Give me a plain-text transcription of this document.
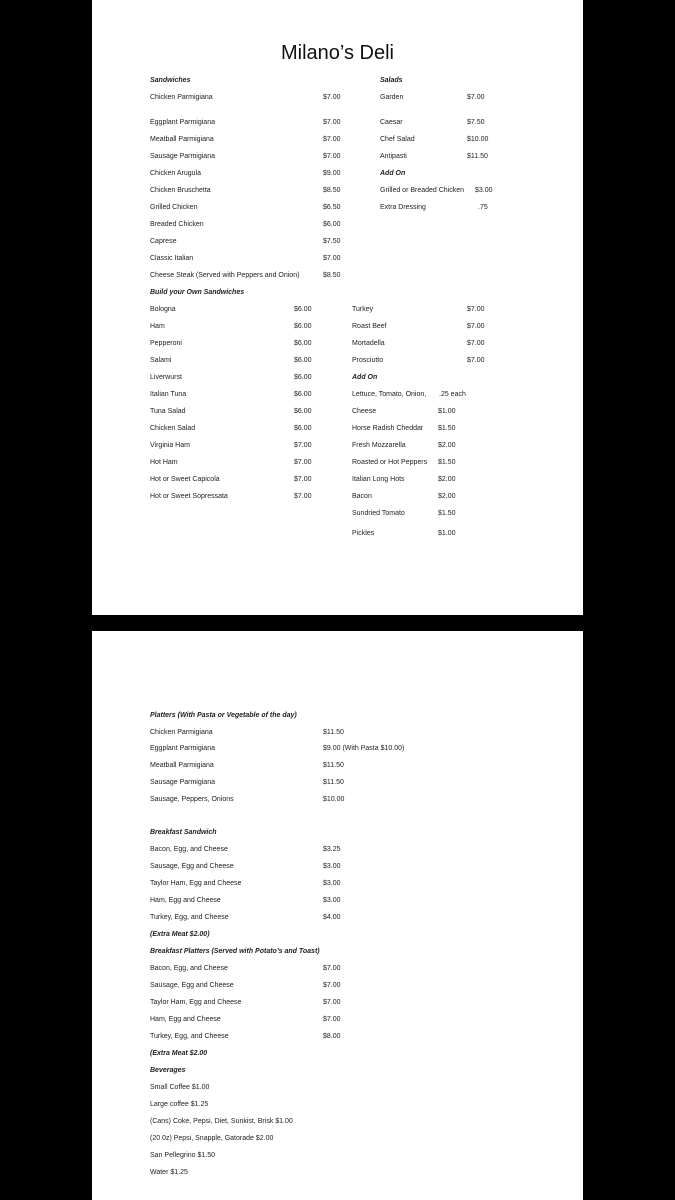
Milano’s Deli
Sandwiches
Chicken Parmigiana	$7.00
Eggplant Parmigiana	$7.00
Meatball Parmigiana	$7.00
Sausage Parmigiana	$7.00
Chicken Arugula	$9.00
Chicken Bruschetta	$8.50
Grilled Chicken	$6.50
Breaded Chicken	$6.00
Caprese	$7.50
Classic Italian	$7.00
Cheese Steak (Served with Peppers and Onion)	$8.50
Salads
Garden	$7.00
Caesar	$7.50
Chef Salad	$10.00
Antipasti	$11.50
Add On
Grilled or Breaded Chicken $3.00
Extra Dressing	.75
Build your Own Sandwiches
Bologna	$6.00
Ham	$6.00
Pepperoni	$6.00
Salami	$6.00
Liverwurst	$6.00
Italian Tuna	$6.00
Tuna Salad	$6.00
Chicken Salad	$6.00
Virginia Ham	$7.00
Hot Ham	$7.00
Hot or Sweet Capicola	$7.00
Hot or Sweet Sopressata	$7.00
Turkey	$7.00
Roast Beef	$7.00
Mortadella	$7.00
Prosciutto	$7.00
Add On
Lettuce, Tomato, Onion, .25 each
Cheese	$1.00
Horse Radish Cheddar $1.50
Fresh Mozzarella	$2.00
Roasted or Hot Peppers $1.50
Italian Long Hots	$2.00
Bacon	$2.00
Sundried Tomato	$1.50
Pickles	$1.00
Platters (With Pasta or Vegetable of the day)
Chicken Parmigiana	$11.50
Eggplant Parmigiana	$9.00 (With Pasta $10.00)
Meatball Parmigiana	$11.50
Sausage Parmigiana	$11.50
Sausage, Peppers, Onions	$10.00
Breakfast Sandwich
Bacon, Egg, and Cheese	$3.25
Sausage, Egg and Cheese	$3.00
Taylor Ham, Egg and Cheese	$3.00
Ham, Egg and Cheese	$3.00
Turkey, Egg, and Cheese	$4.00
(Extra Meat $2.00)
Breakfast Platters (Served with Potato’s and Toast)
Bacon, Egg, and Cheese	$7.00
Sausage, Egg and Cheese	$7.00
Taylor Ham, Egg and Cheese	$7.00
Ham, Egg and Cheese	$7.00
Turkey, Egg, and Cheese	$8.00
(Extra Meat $2.00
Beverages
Small Coffee $1.00
Large coffee $1.25
(Cans) Coke, Pepsi, Diet, Sunkist, Brisk $1.00
(20 0z) Pepsi, Snapple, Gatorade $2.00
San Pellegrino $1.50
Water $1.25
